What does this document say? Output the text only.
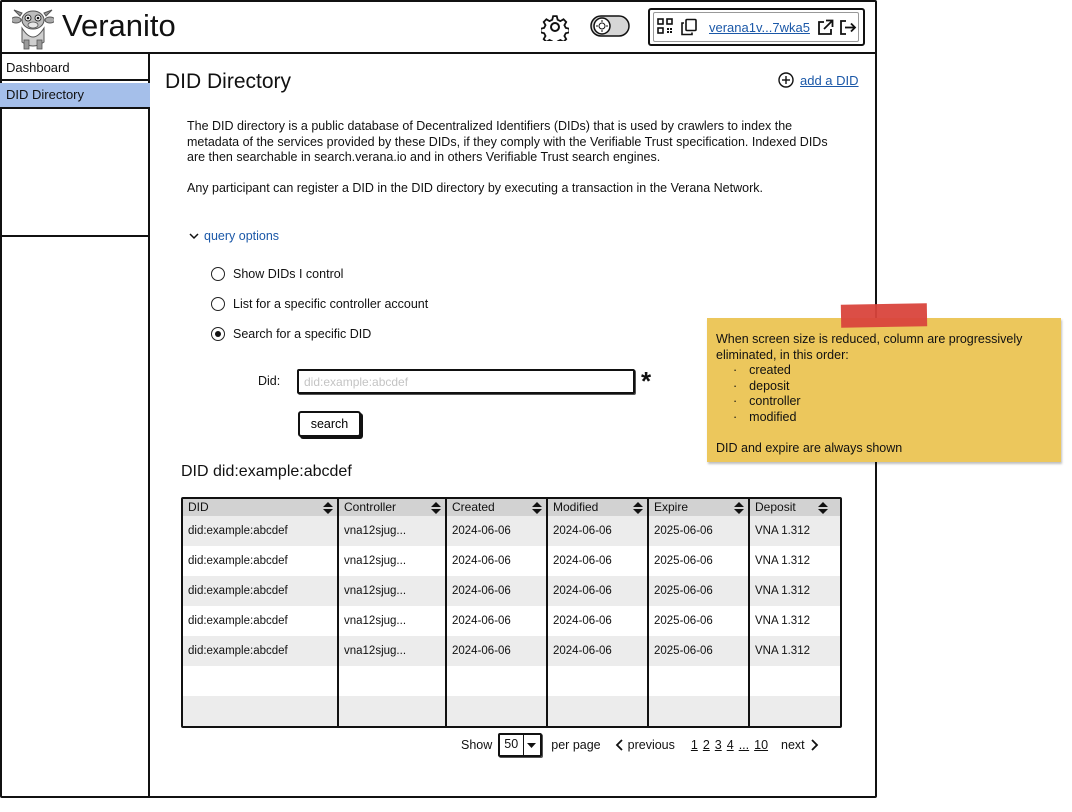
Veranito	verana1v...7wka5
Dashboard
DID Directory
DID Directory	add a DID
The DID directory is a public database of Decentralized Identifiers (DIDs) that is used by crawlers to index the metadata of the services provided by these DIDs, if they comply with the Verifiable Trust specification. Indexed DIDs are then searchable in search.verana.io and in others Verifiable Trust search engines.
Any participant can register a DID in the DID directory by executing a transaction in the Verana Network.
query options
Show DIDs I control
List for a specific controller account
Search for a specific DID
Did:
did:example:abcdef	*
search
DID did:example:abcdef
DID	Controller	Created	Modified	Expire	Deposit
did:example:abcdef	vna12sjug...	2024-06-06	2024-06-06	2025-06-06	VNA 1.312
did:example:abcdef	vna12sjug...	2024-06-06	2024-06-06	2025-06-06	VNA 1.312
did:example:abcdef	vna12sjug...	2024-06-06	2024-06-06	2025-06-06	VNA 1.312
did:example:abcdef	vna12sjug...	2024-06-06	2024-06-06	2025-06-06	VNA 1.312
did:example:abcdef	vna12sjug...	2024-06-06	2024-06-06	2025-06-06	VNA 1.312
Show 50	per page previous 1 2 3 4 ... 10 next
When screen size is reduced, column are progressively eliminated, in this order:
· created
· deposit
· controller
· modified
DID and expire are always shown
